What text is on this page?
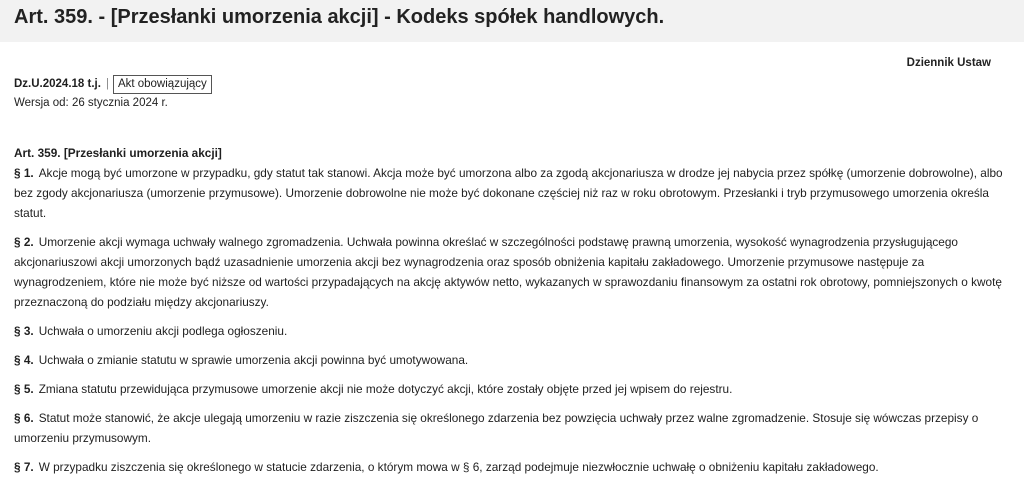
Art. 359. - [Przesłanki umorzenia akcji] - Kodeks spółek handlowych.
Dziennik Ustaw
Dz.U.2024.18 t.j. | Akt obowiązujący
Wersja od: 26 stycznia 2024 r.
Art. 359. [Przesłanki umorzenia akcji]
§ 1. Akcje mogą być umorzone w przypadku, gdy statut tak stanowi. Akcja może być umorzona albo za zgodą akcjonariusza w drodze jej nabycia przez spółkę (umorzenie dobrowolne), albo bez zgody akcjonariusza (umorzenie przymusowe). Umorzenie dobrowolne nie może być dokonane częściej niż raz w roku obrotowym. Przesłanki i tryb przymusowego umorzenia określa statut.
§ 2. Umorzenie akcji wymaga uchwały walnego zgromadzenia. Uchwała powinna określać w szczególności podstawę prawną umorzenia, wysokość wynagrodzenia przysługującego akcjonariuszowi akcji umorzonych bądź uzasadnienie umorzenia akcji bez wynagrodzenia oraz sposób obniżenia kapitału zakładowego. Umorzenie przymusowe następuje za wynagrodzeniem, które nie może być niższe od wartości przypadających na akcję aktywów netto, wykazanych w sprawozdaniu finansowym za ostatni rok obrotowy, pomniejszonych o kwotę przeznaczoną do podziału między akcjonariuszy.
§ 3. Uchwała o umorzeniu akcji podlega ogłoszeniu.
§ 4. Uchwała o zmianie statutu w sprawie umorzenia akcji powinna być umotywowana.
§ 5. Zmiana statutu przewidująca przymusowe umorzenie akcji nie może dotyczyć akcji, które zostały objęte przed jej wpisem do rejestru.
§ 6. Statut może stanowić, że akcje ulegają umorzeniu w razie ziszczenia się określonego zdarzenia bez powzięcia uchwały przez walne zgromadzenie. Stosuje się wówczas przepisy o umorzeniu przymusowym.
§ 7. W przypadku ziszczenia się określonego w statucie zdarzenia, o którym mowa w § 6, zarząd podejmuje niezwłocznie uchwałę o obniżeniu kapitału zakładowego.
